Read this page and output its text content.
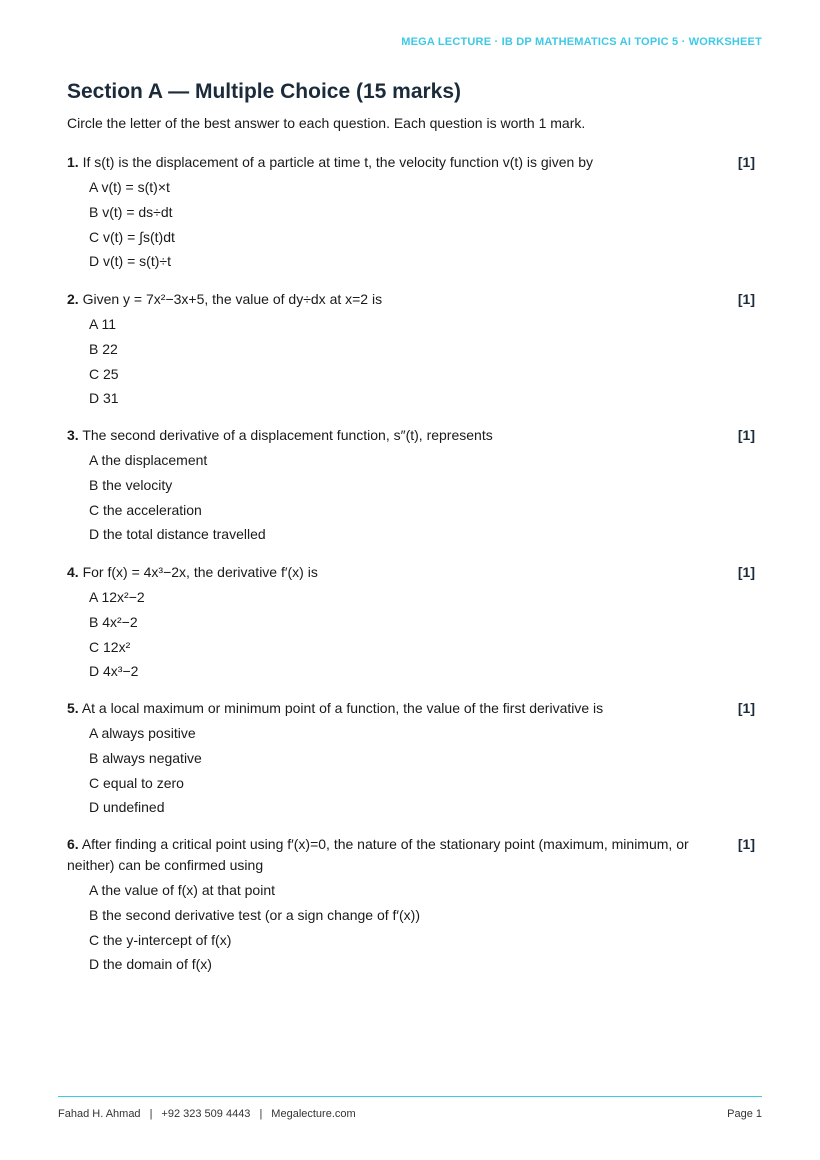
MEGA LECTURE · IB DP MATHEMATICS AI TOPIC 5 · WORKSHEET
Section A — Multiple Choice (15 marks)
Circle the letter of the best answer to each question. Each question is worth 1 mark.
1. If s(t) is the displacement of a particle at time t, the velocity function v(t) is given by	[1]
A v(t) = s(t)×t
B v(t) = ds÷dt
C v(t) = ∫s(t)dt
D v(t) = s(t)÷t
2. Given y = 7x²−3x+5, the value of dy÷dx at x=2 is	[1]
A 11
B 22
C 25
D 31
3. The second derivative of a displacement function, s″(t), represents	[1]
A the displacement
B the velocity
C the acceleration
D the total distance travelled
4. For f(x) = 4x³−2x, the derivative f′(x) is	[1]
A 12x²−2
B 4x²−2
C 12x²
D 4x³−2
5. At a local maximum or minimum point of a function, the value of the first derivative is	[1]
A always positive
B always negative
C equal to zero
D undefined
6. After finding a critical point using f′(x)=0, the nature of the stationary point (maximum, minimum, or neither) can be confirmed using
[1]
A the value of f(x) at that point
B the second derivative test (or a sign change of f′(x))
C the y-intercept of f(x)
D the domain of f(x)
Fahad H. Ahmad | +92 323 509 4443 | Megalecture.com	Page 1
